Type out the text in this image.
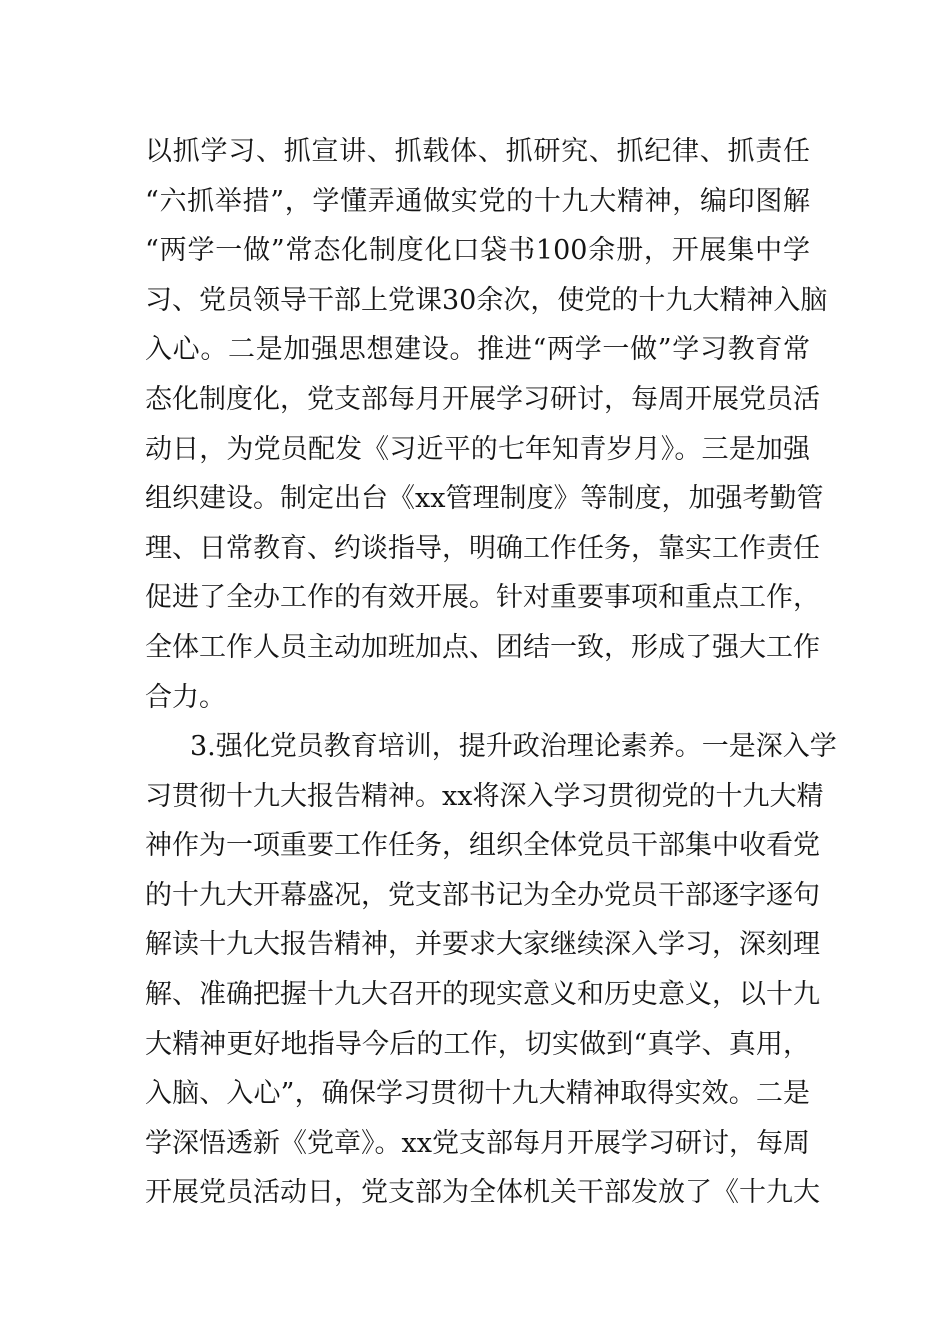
以抓学习、抓宣讲、抓载体、抓研究、抓纪律、抓责任
“六抓举措”，学懂弄通做实党的十九大精神，编印图解
“两学一做”常态化制度化口袋书100余册，开展集中学
习、党员领导干部上党课30余次，使党的十九大精神入脑
入心。二是加强思想建设。推进“两学一做”学习教育常
态化制度化，党支部每月开展学习研讨，每周开展党员活
动日，为党员配发《习近平的七年知青岁月》。三是加强
组织建设。制定出台《xx管理制度》等制度，加强考勤管
理、日常教育、约谈指导，明确工作任务，靠实工作责任
促进了全办工作的有效开展。针对重要事项和重点工作，
全体工作人员主动加班加点、团结一致，形成了强大工作
合力。
3.强化党员教育培训，提升政治理论素养。一是深入学
习贯彻十九大报告精神。xx将深入学习贯彻党的十九大精
神作为一项重要工作任务，组织全体党员干部集中收看党
的十九大开幕盛况，党支部书记为全办党员干部逐字逐句
解读十九大报告精神，并要求大家继续深入学习，深刻理
解、准确把握十九大召开的现实意义和历史意义，以十九
大精神更好地指导今后的工作，切实做到“真学、真用，
入脑、入心”，确保学习贯彻十九大精神取得实效。二是
学深悟透新《党章》。xx党支部每月开展学习研讨，每周
开展党员活动日，党支部为全体机关干部发放了《十九大
